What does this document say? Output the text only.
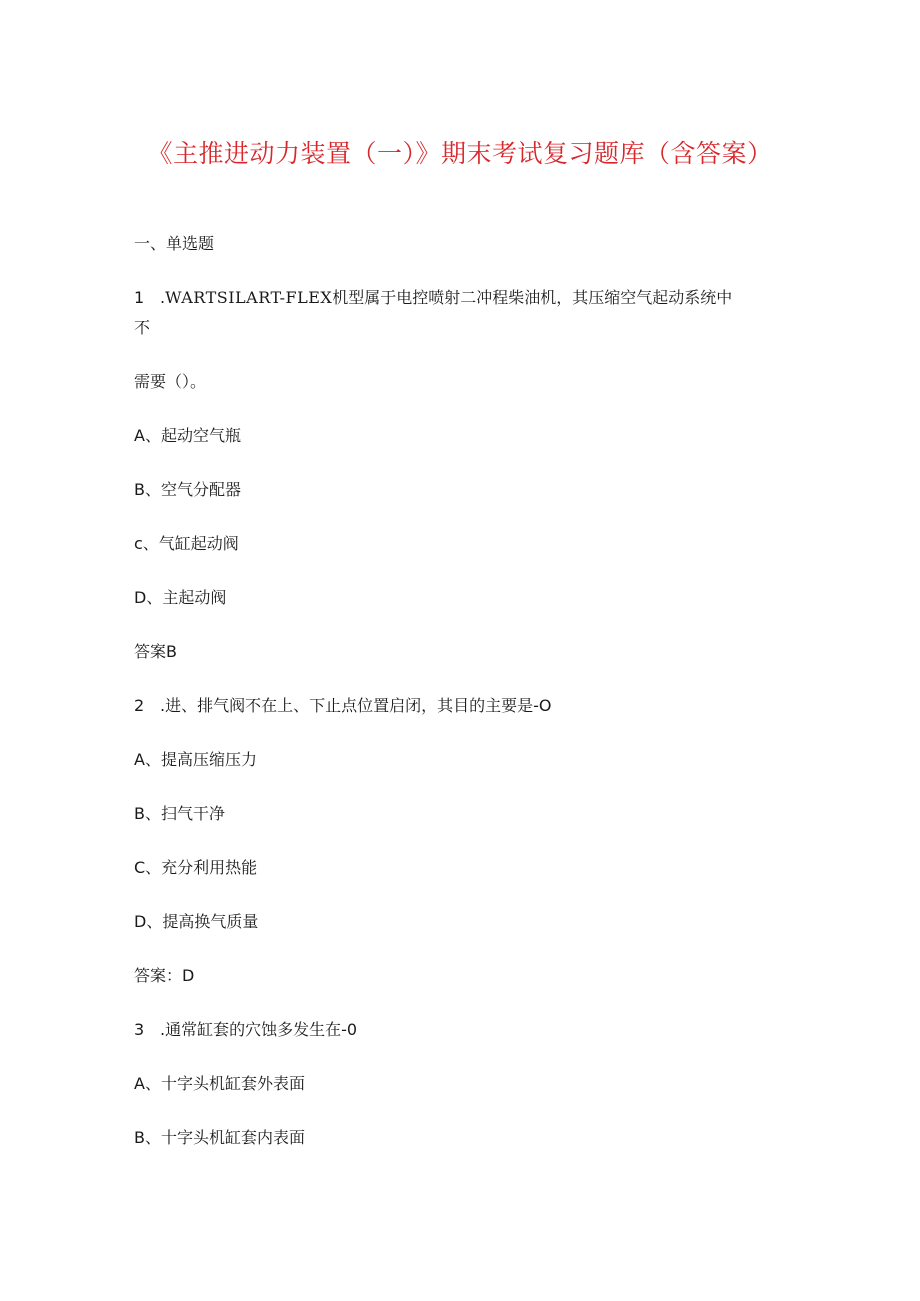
《主推进动力装置（一）》期末考试复习题库（含答案）
一、单选题
1 .WARTSILART-FLEX机型属于电控喷射二冲程柴油机，其压缩空气起动系统中
不
需要（）。
A、起动空气瓶
B、空气分配器
c、气缸起动阀
D、主起动阀
答案B
2 .进、排气阀不在上、下止点位置启闭，其目的主要是-O
A、提高压缩压力
B、扫气干净
C、充分利用热能
D、提高换气质量
答案：D
3 .通常缸套的穴蚀多发生在-0
A、十字头机缸套外表面
B、十字头机缸套内表面
